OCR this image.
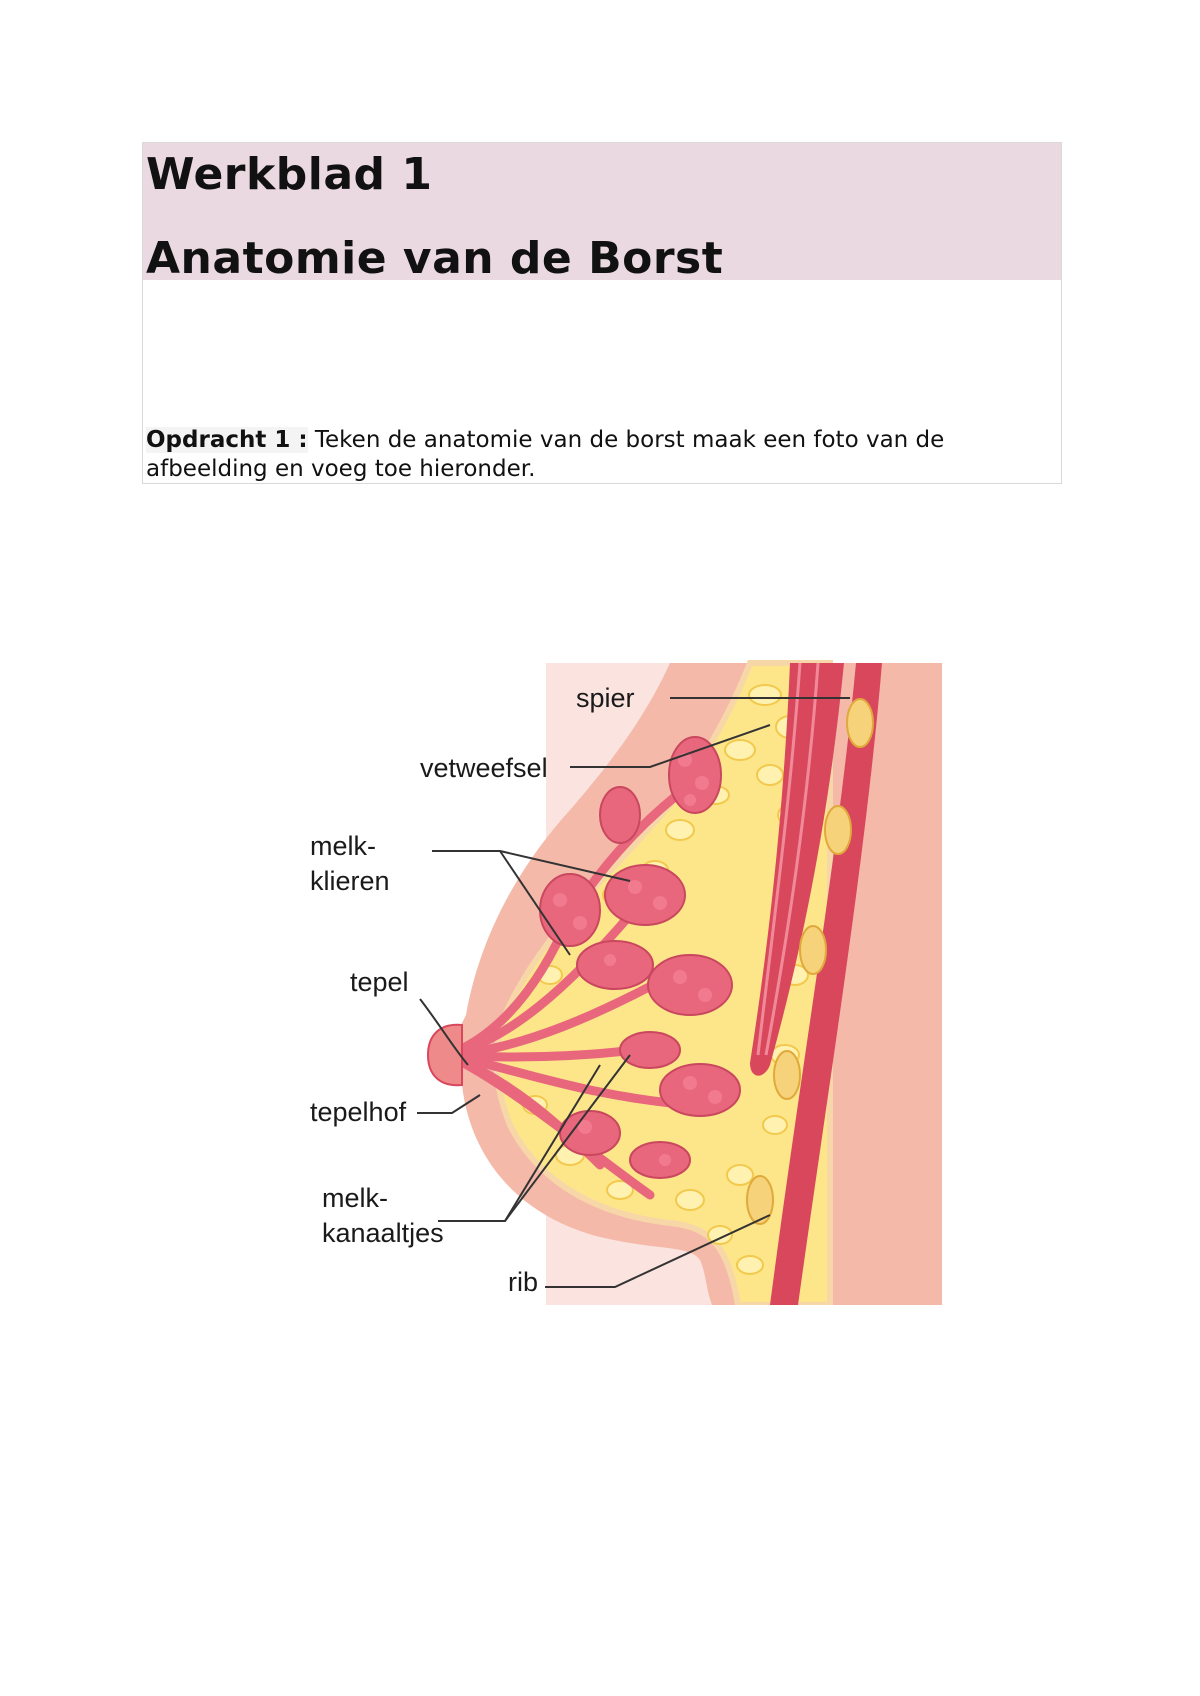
Werkblad 1
Anatomie van de Borst
Opdracht 1 : Teken de anatomie van de borst maak een foto van de afbeelding en voeg toe hieronder.
spier
vetweefsel
melk-
klieren
tepel
tepelhof
melk-
kanaaltjes
rib
